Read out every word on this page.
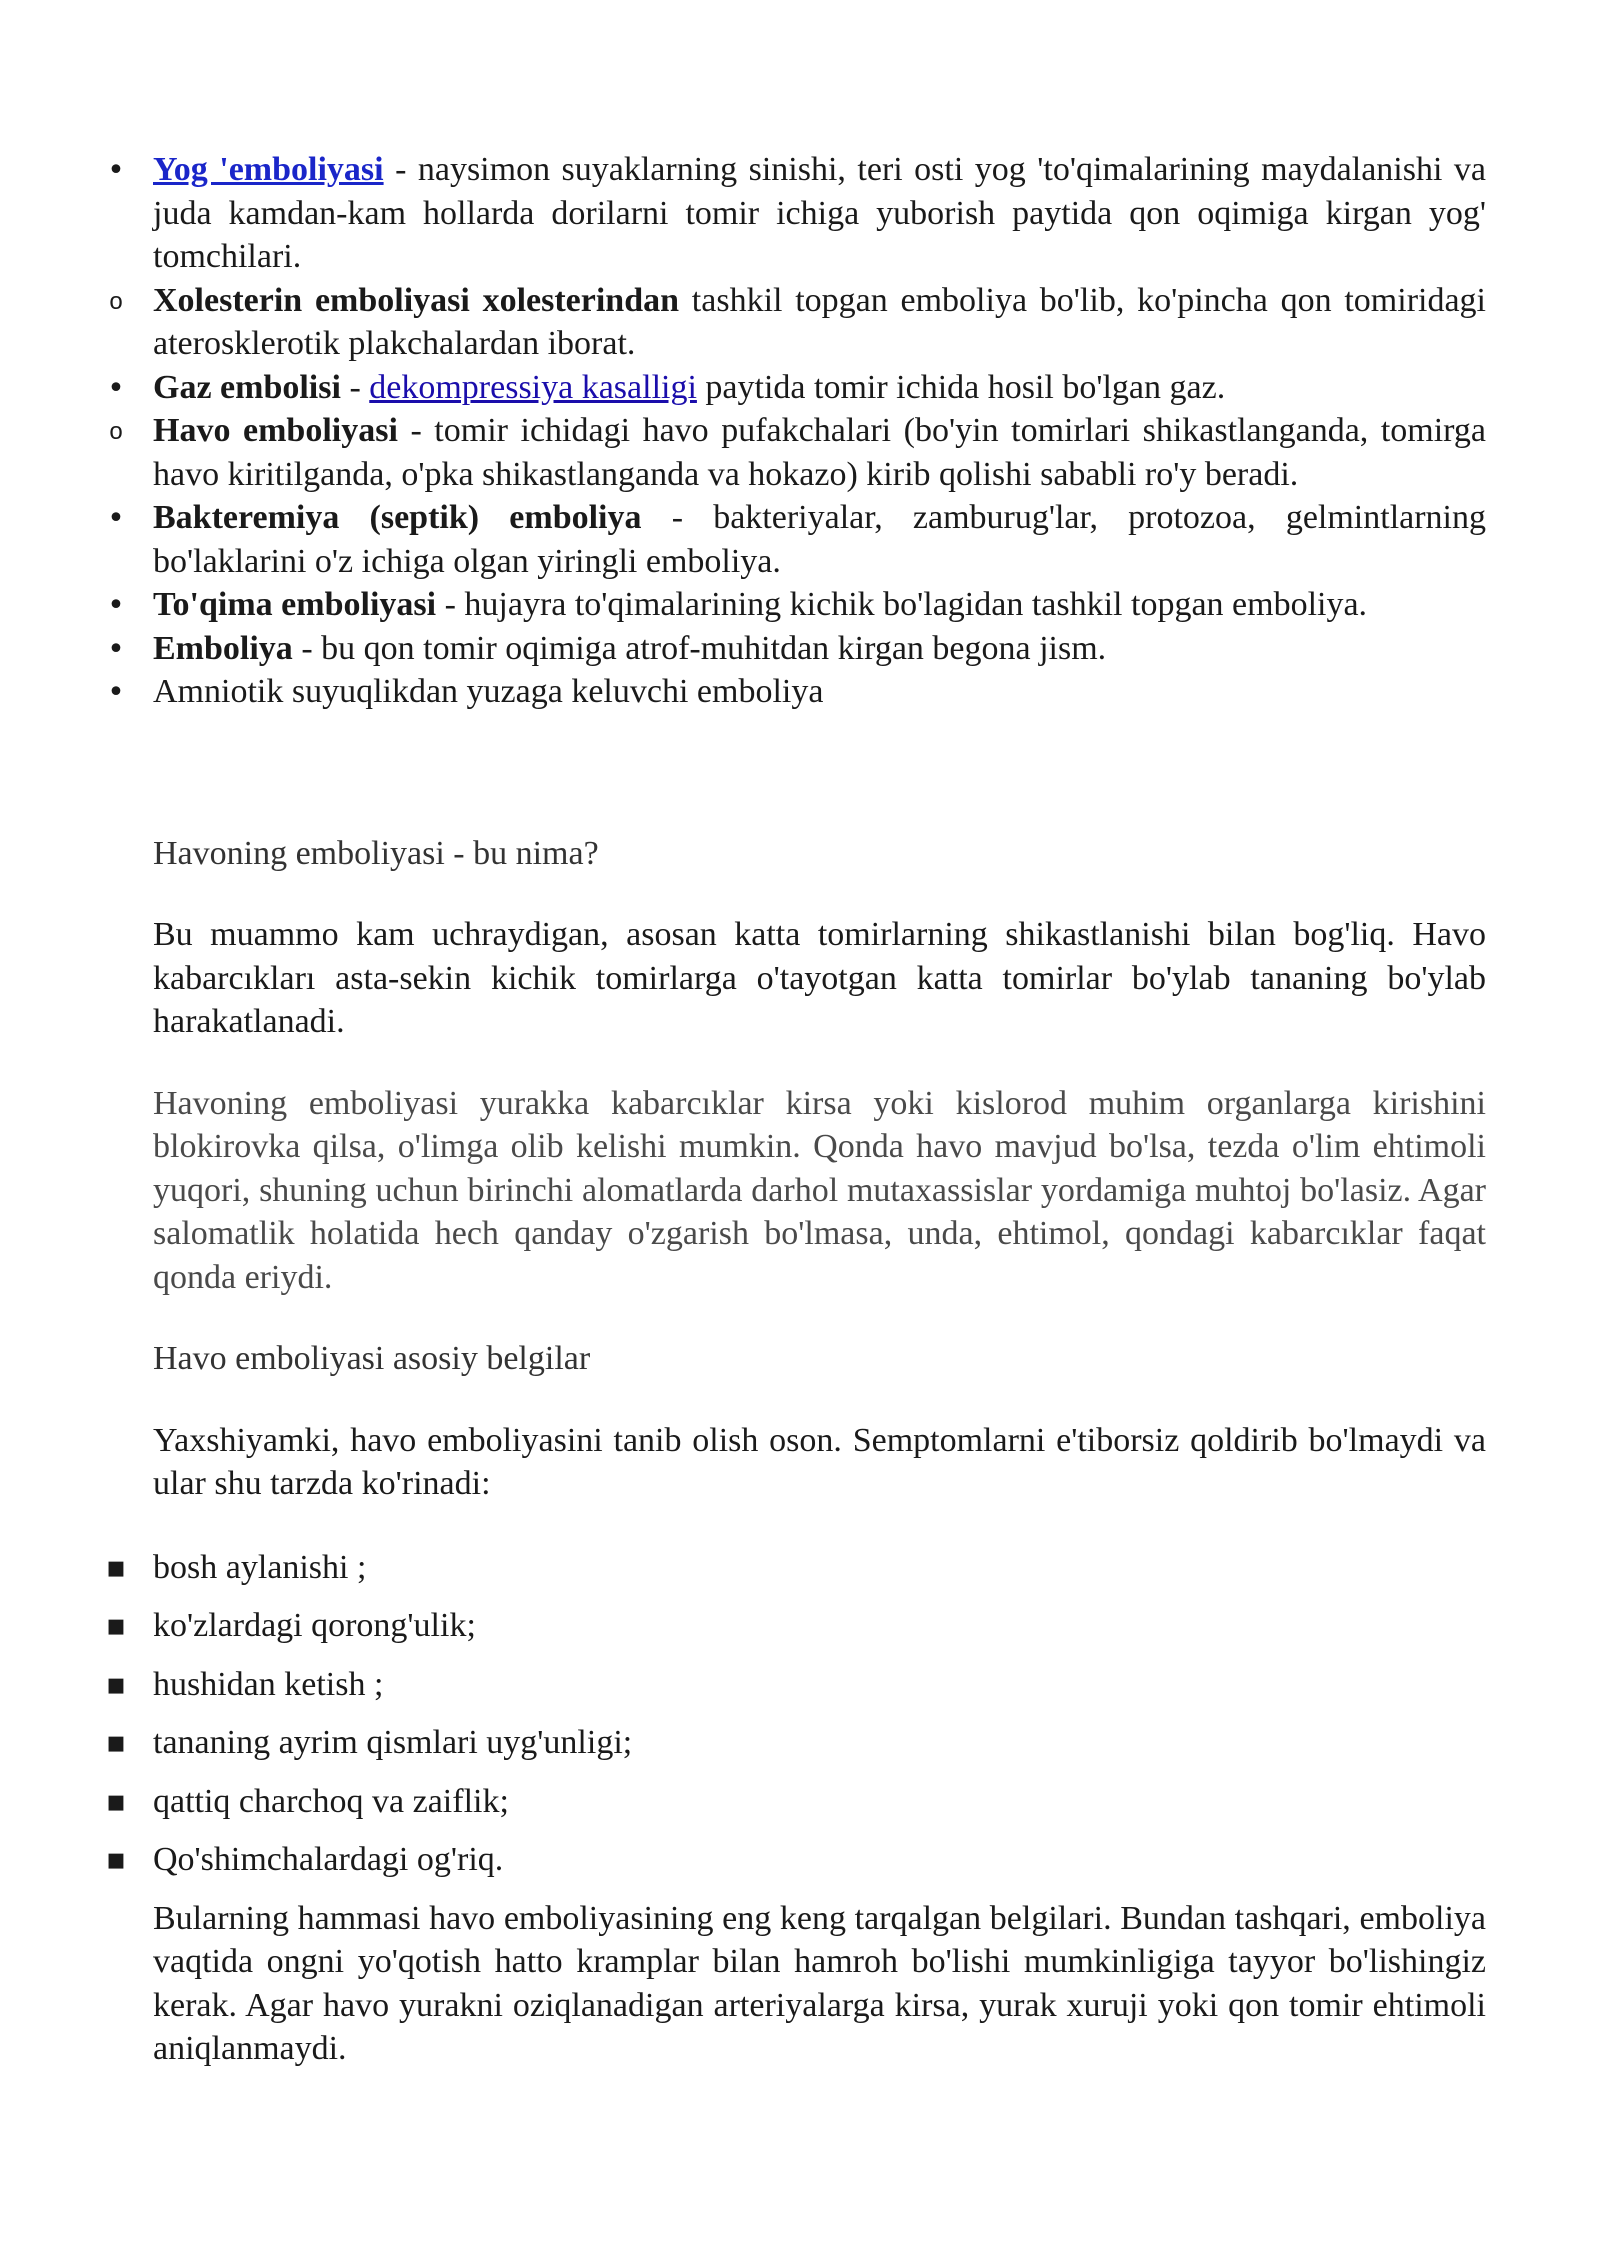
•
Yog 'emboliyasi - naysimon suyaklarning sinishi, teri osti yog 'to'qimalarining maydalanishi va juda kamdan-kam hollarda dorilarni tomir ichiga yuborish paytida qon oqimiga kirgan yog' tomchilari.
o
Xolesterin emboliyasi xolesterindan tashkil topgan emboliya bo'lib, ko'pincha qon tomiridagi aterosklerotik plakchalardan iborat.
•
Gaz embolisi - dekompressiya kasalligi paytida tomir ichida hosil bo'lgan gaz.
o
Havo emboliyasi - tomir ichidagi havo pufakchalari (bo'yin tomirlari shikastlanganda, tomirga havo kiritilganda, o'pka shikastlanganda va hokazo) kirib qolishi sababli ro'y beradi.
•
Bakteremiya (septik) emboliya - bakteriyalar, zamburug'lar, protozoa, gelmintlarning bo'laklarini o'z ichiga olgan yiringli emboliya.
•
To'qima emboliyasi - hujayra to'qimalarining kichik bo'lagidan tashkil topgan emboliya.
•
Emboliya - bu qon tomir oqimiga atrof-muhitdan kirgan begona jism.
•
Amniotik suyuqlikdan yuzaga keluvchi emboliya
Havoning emboliyasi - bu nima?
Bu muammo kam uchraydigan, asosan katta tomirlarning shikastlanishi bilan bog'liq. Havo kabarcıkları asta-sekin kichik tomirlarga o'tayotgan katta tomirlar bo'ylab tananing bo'ylab harakatlanadi.
Havoning emboliyasi yurakka kabarcıklar kirsa yoki kislorod muhim organlarga kirishini blokirovka qilsa, o'limga olib kelishi mumkin. Qonda havo mavjud bo'lsa, tezda o'lim ehtimoli yuqori, shuning uchun birinchi alomatlarda darhol mutaxassislar yordamiga muhtoj bo'lasiz. Agar salomatlik holatida hech qanday o'zgarish bo'lmasa, unda, ehtimol, qondagi kabarcıklar faqat qonda eriydi.
Havo emboliyasi asosiy belgilar
Yaxshiyamki, havo emboliyasini tanib olish oson. Semptomlarni e'tiborsiz qoldirib bo'lmaydi va ular shu tarzda ko'rinadi:
▪
bosh aylanishi ;
▪
ko'zlardagi qorong'ulik;
▪
hushidan ketish ;
▪
tananing ayrim qismlari uyg'unligi;
▪
qattiq charchoq va zaiflik;
▪
Qo'shimchalardagi og'riq.
Bularning hammasi havo emboliyasining eng keng tarqalgan belgilari. Bundan tashqari, emboliya vaqtida ongni yo'qotish hatto kramplar bilan hamroh bo'lishi mumkinligiga tayyor bo'lishingiz kerak. Agar havo yurakni oziqlanadigan arteriyalarga kirsa, yurak xuruji yoki qon tomir ehtimoli aniqlanmaydi.
